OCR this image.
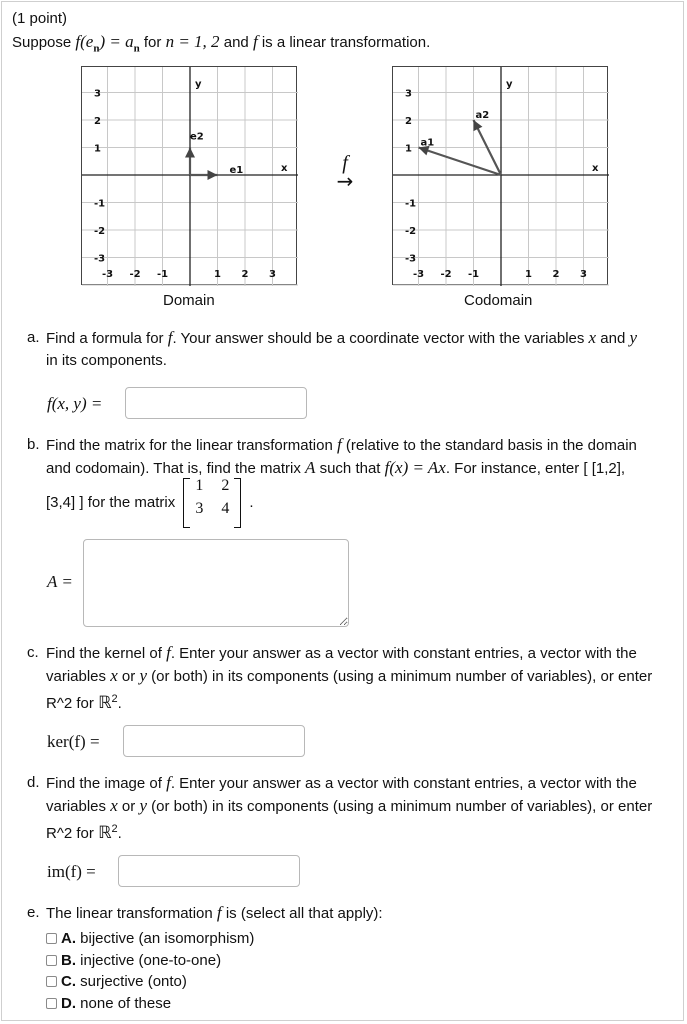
(1 point)
Suppose $f(e_n) = a_n$ for n = 1, 2 and f is a linear transformation.
3
2
1
-1
-2
-3
-3 -2 -1	1 2 3
y
x
e1
e2
Domain
f
→
3
2
1
-1
-2
-3
-3 -2 -1	1 2 3
y
x
a1
a2
Codomain
a. Find a formula for f. Your answer should be a coordinate vector with the variables x and y
in its components.
f(x, y) =
b. Find the matrix for the linear transformation f (relative to the standard basis in the domain
and codomain). That is, find the matrix A such that f(x) = Ax. For instance, enter [ [1,2],
[3,4] ] for the matrix
1 2
3 4 .
A =
c. Find the kernel of f. Enter your answer as a vector with constant entries, a vector with the
variables x or y (or both) in its components (using a minimum number of variables), or enter
R^2 for ℝ$^2$.
ker(f) =
d. Find the image of f. Enter your answer as a vector with constant entries, a vector with the
variables x or y (or both) in its components (using a minimum number of variables), or enter
R^2 for ℝ$^2$.
im(f) =
e. The linear transformation f is (select all that apply):
A.
bijective (an isomorphism)
B.
injective (one-to-one)
C.
surjective (onto)
D.
none of these
